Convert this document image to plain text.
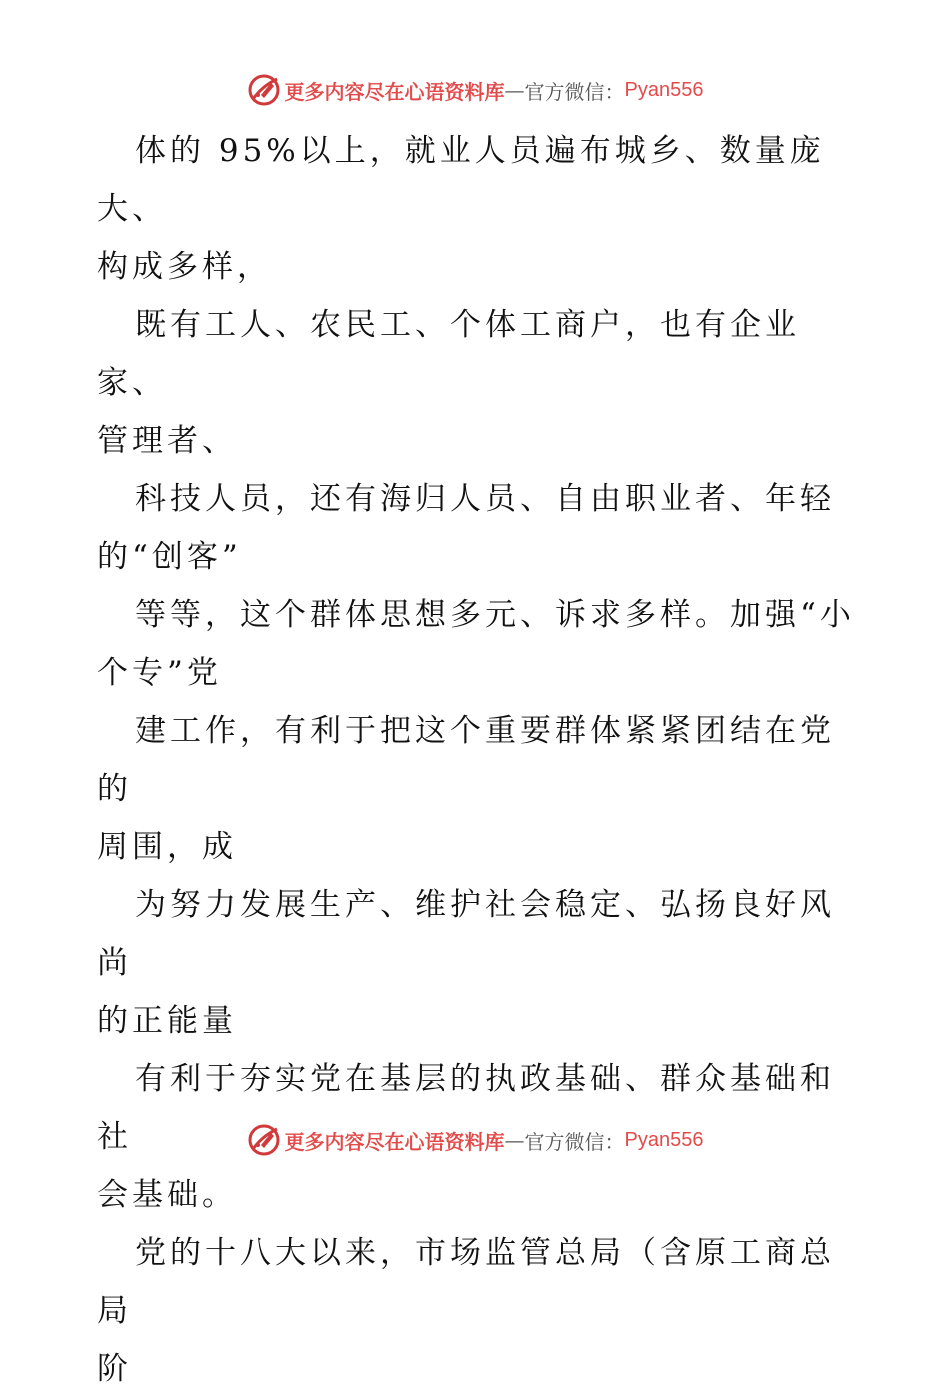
更多内容尽在心语资料库 — 官方微信： Pyan556

体的 95%以上，就业人员遍布城乡、数量庞大、
构成多样，

既有工人、农民工、个体工商户，也有企业家、
管理者、

科技人员，还有海归人员、自由职业者、年轻
的“创客”

等等，这个群体思想多元、诉求多样。加强“小
个专”党

建工作，有利于把这个重要群体紧紧团结在党的
周围，成

为努力发展生产、维护社会稳定、弘扬良好风尚
的正能量

有利于夯实党在基层的执政基础、群众基础和社
会基础。

党的十八大以来，市场监管总局（含原工商总局
阶

更多内容尽在心语资料库 — 官方微信： Pyan556
